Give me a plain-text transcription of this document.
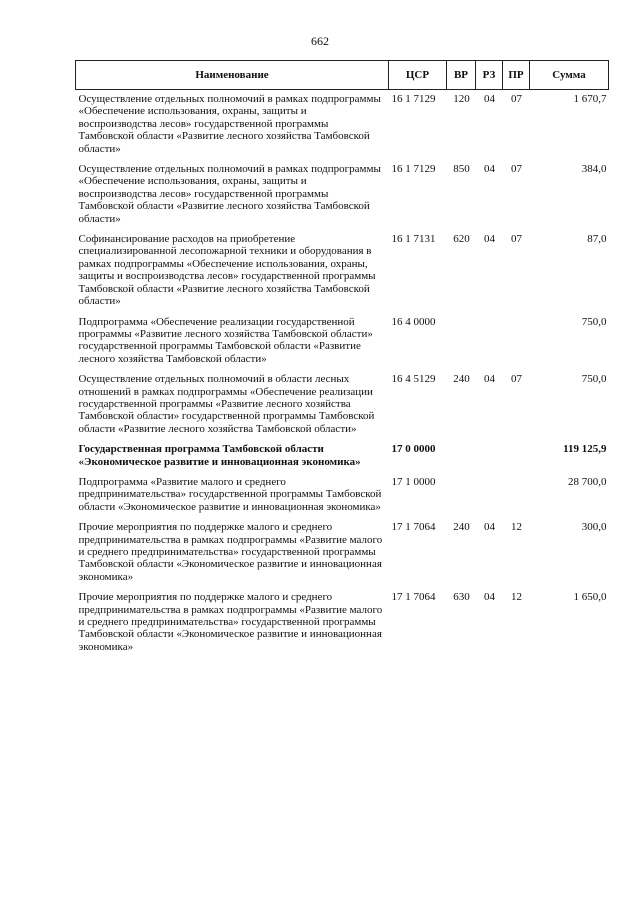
662
Наименование	ЦСР	ВР	РЗ	ПР	Сумма
Осуществление отдельных полномочий в рамках подпрограммы «Обеспечение использования, охраны, защиты и воспроизводства лесов» государственной программы Тамбовской области «Развитие лесного хозяйства Тамбовской области»	16 1 7129	120	04	07	1 670,7
Осуществление отдельных полномочий в рамках подпрограммы «Обеспечение использования, охраны, защиты и воспроизводства лесов» государственной программы Тамбовской области «Развитие лесного хозяйства Тамбовской области»	16 1 7129	850	04	07	384,0
Софинансирование расходов на приобретение специализированной лесопожарной техники и оборудования в рамках подпрограммы «Обеспечение использования, охраны, защиты и воспроизводства лесов» государственной программы Тамбовской области «Развитие лесного хозяйства Тамбовской области»	16 1 7131	620	04	07	87,0
Подпрограмма «Обеспечение реализации государственной программы «Развитие лесного хозяйства Тамбовской области» государственной программы Тамбовской области «Развитие лесного хозяйства Тамбовской области»	16 4 0000				750,0
Осуществление отдельных полномочий в области лесных отношений в рамках подпрограммы «Обеспечение реализации государственной программы «Развитие лесного хозяйства Тамбовской области» государственной программы Тамбовской области «Развитие лесного хозяйства Тамбовской области»	16 4 5129	240	04	07	750,0
Государственная программа Тамбовской области «Экономическое развитие и инновационная экономика»	17 0 0000				119 125,9
Подпрограмма «Развитие малого и среднего предпринимательства» государственной программы Тамбовской области «Экономическое развитие и инновационная экономика»	17 1 0000				28 700,0
Прочие мероприятия по поддержке малого и среднего предпринимательства в рамках подпрограммы «Развитие малого и среднего предпринимательства» государственной программы Тамбовской области «Экономическое развитие и инновационная экономика»	17 1 7064	240	04	12	300,0
Прочие мероприятия по поддержке малого и среднего предпринимательства в рамках подпрограммы «Развитие малого и среднего предпринимательства» государственной программы Тамбовской области «Экономическое развитие и инновационная экономика»	17 1 7064	630	04	12	1 650,0
